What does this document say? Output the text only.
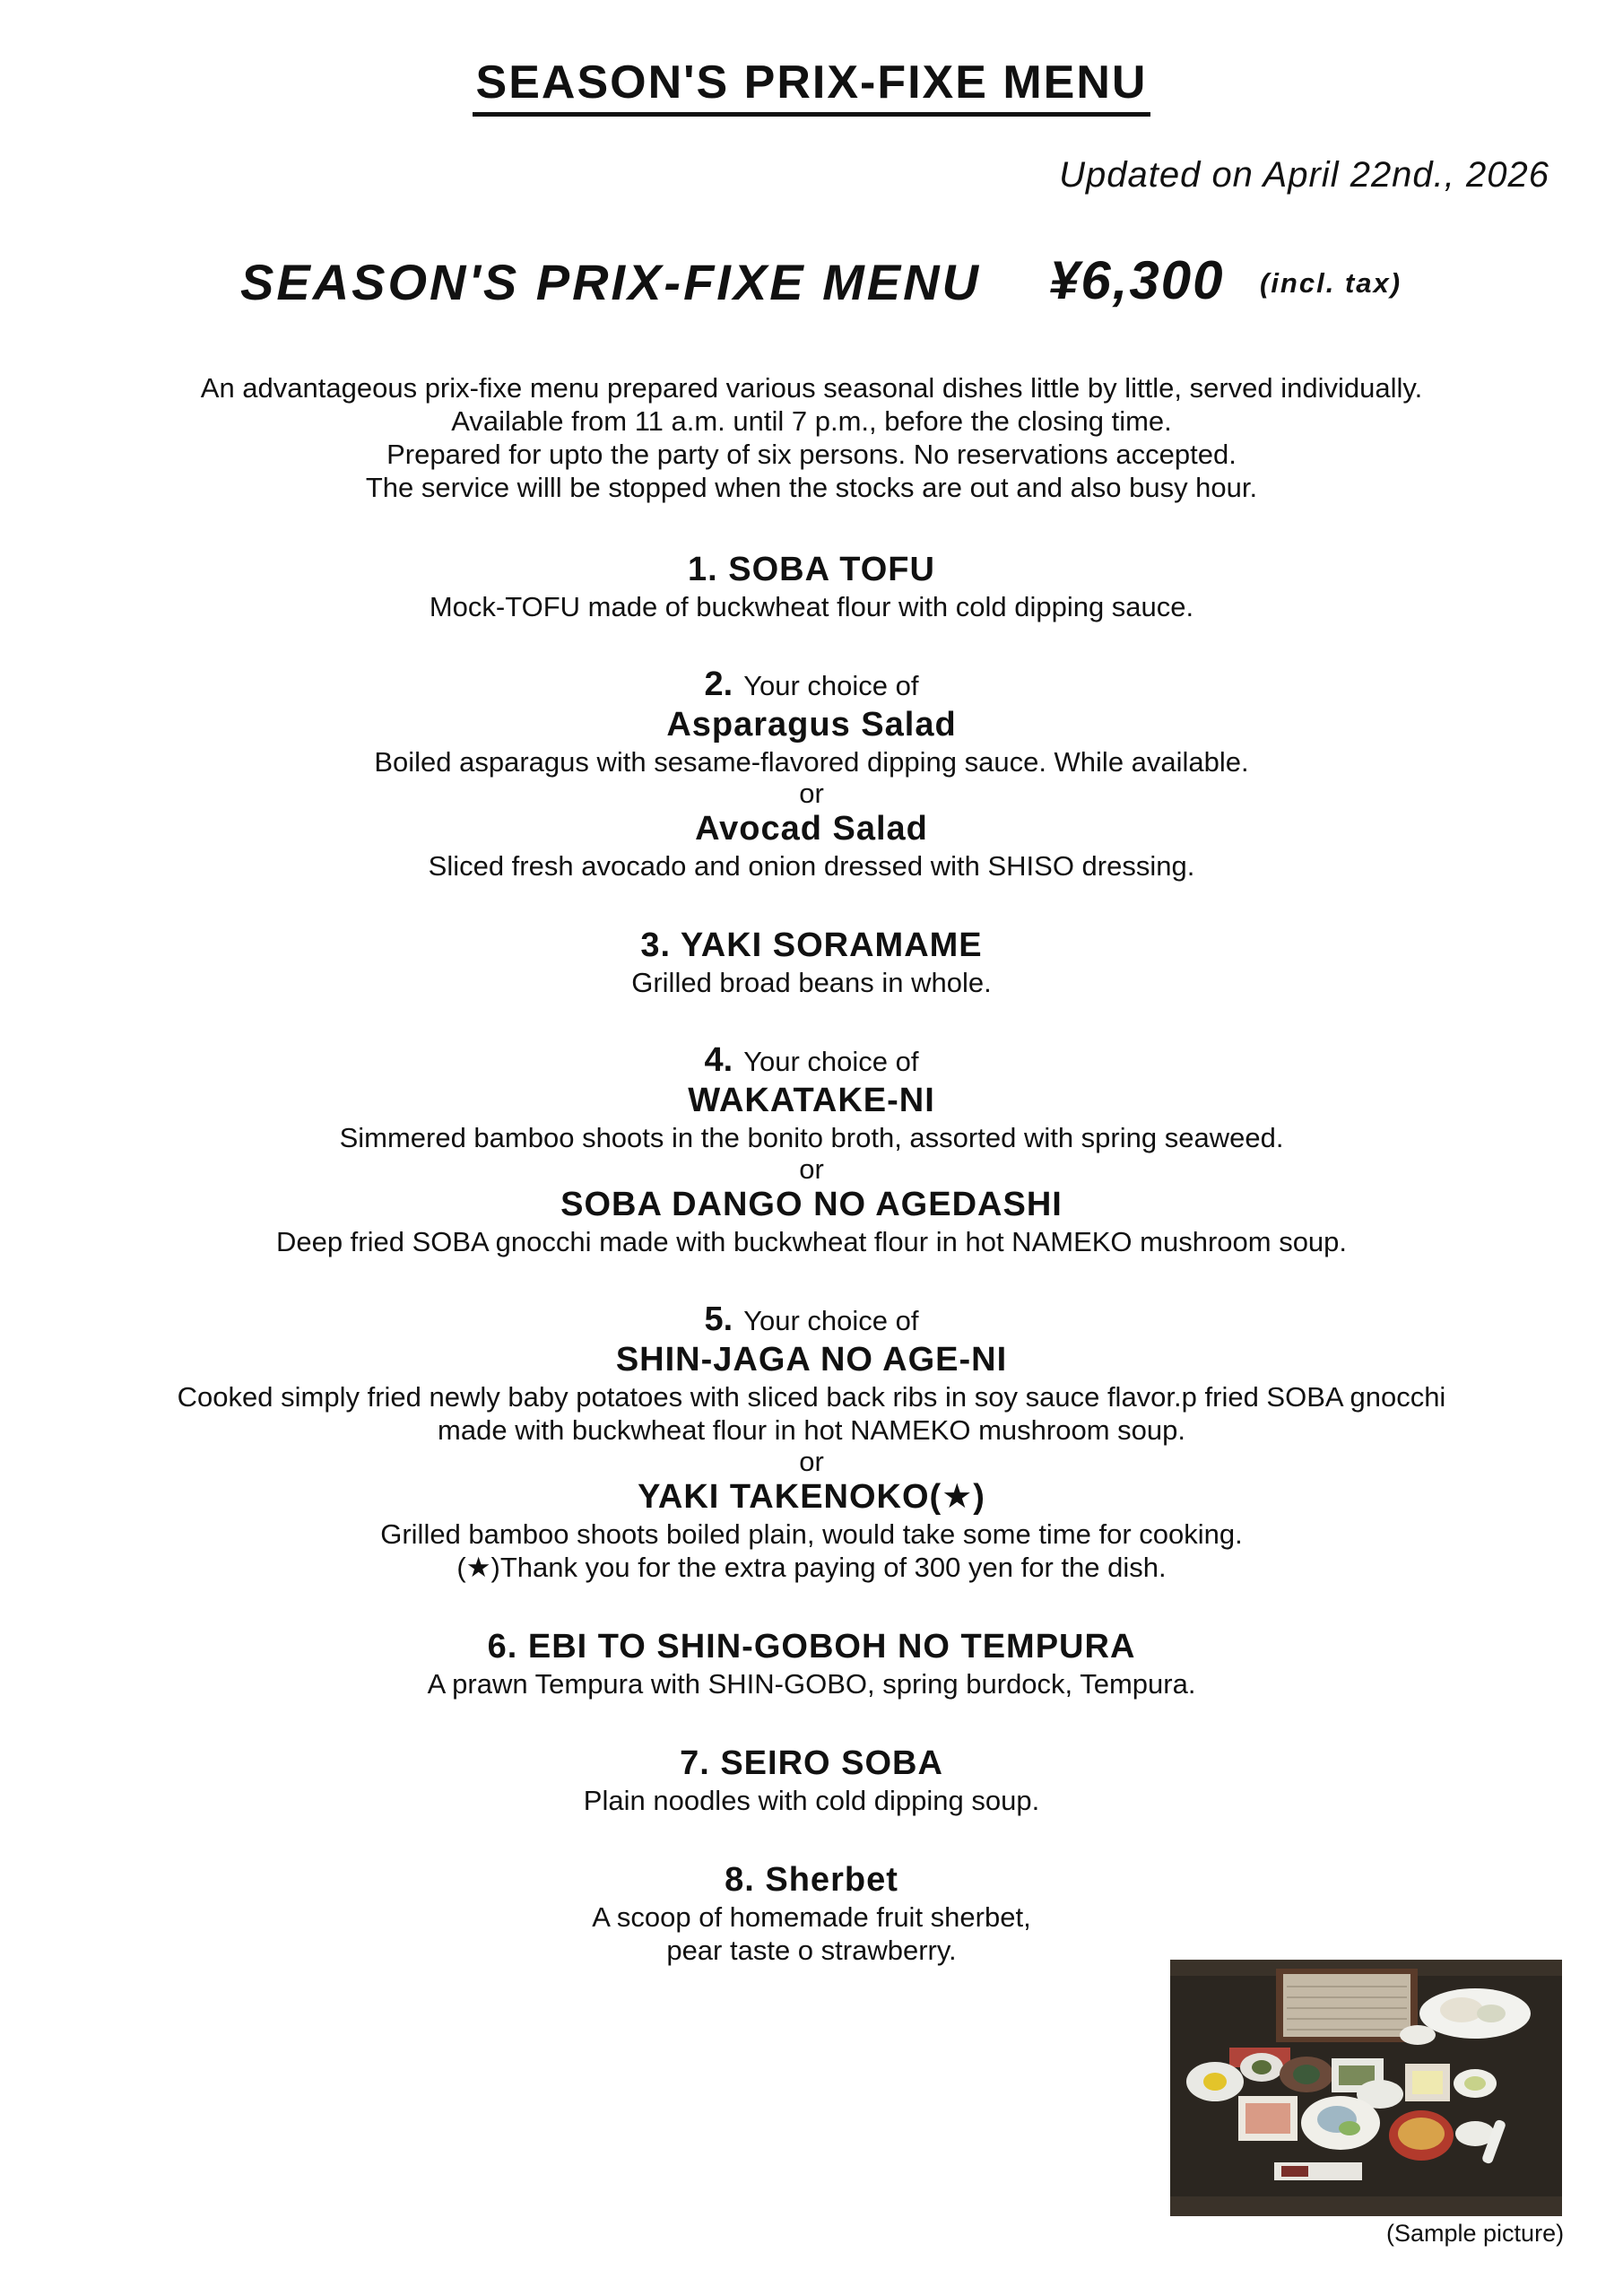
SEASON'S PRIX-FIXE MENU
Updated on April 22nd., 2026
SEASON'S PRIX-FIXE MENU ¥6,300 (incl. tax)
An advantageous prix-fixe menu prepared various seasonal dishes little by little, served individually.
Available from 11 a.m. until 7 p.m., before the closing time.
Prepared for upto the party of six persons. No reservations accepted.
The service willl be stopped when the stocks are out and also busy hour.
1. SOBA TOFU
Mock-TOFU made of buckwheat flour with cold dipping sauce.
2. Your choice of
Asparagus Salad
Boiled asparagus with sesame-flavored dipping sauce. While available.
or
Avocad Salad
Sliced fresh avocado and onion dressed with SHISO dressing.
3. YAKI SORAMAME
Grilled broad beans in whole.
4. Your choice of
WAKATAKE-NI
Simmered bamboo shoots in the bonito broth, assorted with spring seaweed.
or
SOBA DANGO NO AGEDASHI
Deep fried SOBA gnocchi made with buckwheat flour in hot NAMEKO mushroom soup.
5. Your choice of
SHIN-JAGA NO AGE-NI
Cooked simply fried newly baby potatoes with sliced back ribs in soy sauce flavor.p fried SOBA gnocchi
made with buckwheat flour in hot NAMEKO mushroom soup.
or
YAKI TAKENOKO(★)
Grilled bamboo shoots boiled plain, would take some time for cooking.
(★)Thank you for the extra paying of 300 yen for the dish.
6. EBI TO SHIN-GOBOH NO TEMPURA
A prawn Tempura with SHIN-GOBO, spring burdock, Tempura.
7. SEIRO SOBA
Plain noodles with cold dipping soup.
8. Sherbet
A scoop of homemade fruit sherbet,
pear taste o strawberry.
(Sample picture)
